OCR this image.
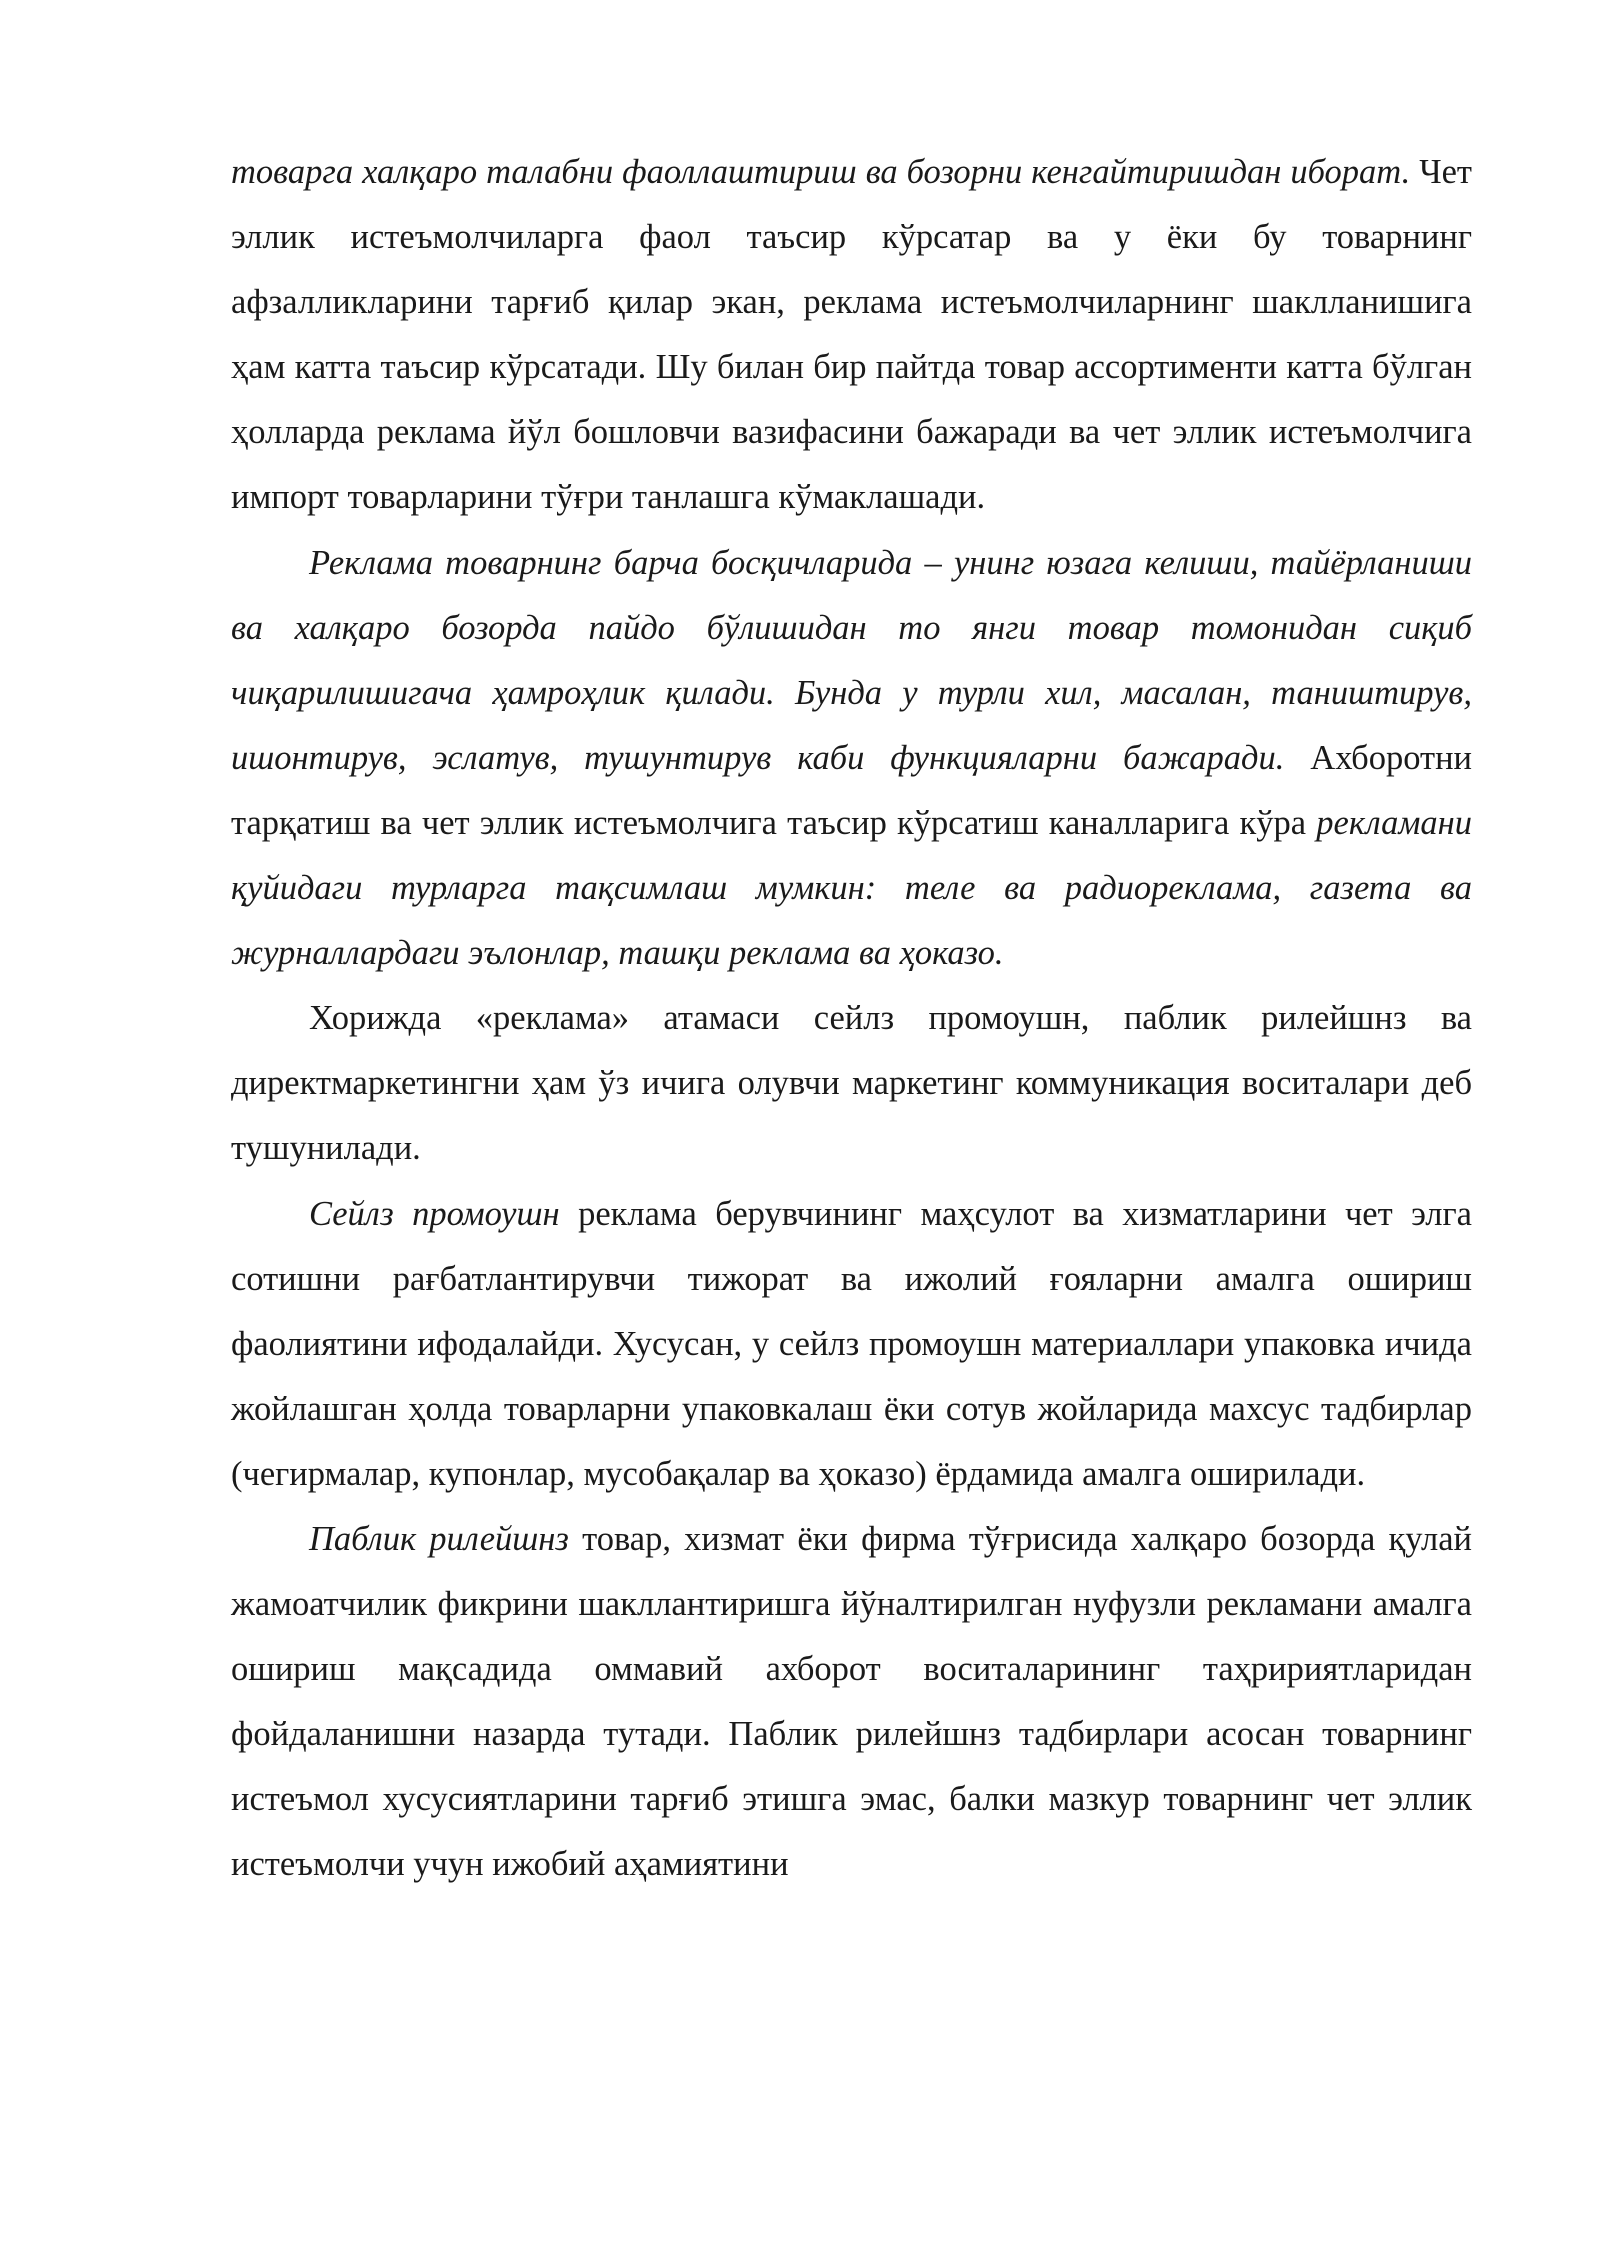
товарга халқаро талабни фаоллаштириш ва бозорни кенгайтиришдан иборат. Чет эллик истеъмолчиларга фаол таъсир кўрсатар ва у ёки бу товарнинг афзалликларини тарғиб қилар экан, реклама истеъмолчиларнинг шаклланишига ҳам катта таъсир кўрсатади. Шу билан бир пайтда товар ассортименти катта бўлган ҳолларда реклама йўл бошловчи вазифасини бажаради ва чет эллик истеъмолчига импорт товарларини тўғри танлашга кўмаклашади.

Реклама товарнинг барча босқичларида – унинг юзага келиши, тайёрланиши ва халқаро бозорда пайдо бўлишидан то янги товар томонидан сиқиб чиқарилишигача ҳамроҳлик қилади. Бунда у турли хил, масалан, таништирув, ишонтирув, эслатув, тушунтирув каби функцияларни бажаради. Ахборотни тарқатиш ва чет эллик истеъмолчига таъсир кўрсатиш каналларига кўра рекламани қуйидаги турларга тақсимлаш мумкин: теле ва радиореклама, газета ва журналлардаги эълонлар, ташқи реклама ва ҳоказо.

Хорижда «реклама» атамаси сейлз промоушн, паблик рилейшнз ва директмаркетингни ҳам ўз ичига олувчи маркетинг коммуникация воситалари деб тушунилади.

Сейлз промоушн реклама берувчининг маҳсулот ва хизматларини чет элга сотишни рағбатлантирувчи тижорат ва ижолий ғояларни амалга ошириш фаолиятини ифодалайди. Хусусан, у сейлз промоушн материаллари упаковка ичида жойлашган ҳолда товарларни упаковкалаш ёки сотув жойларида махсус тадбирлар (чегирмалар, купонлар, мусобақалар ва ҳоказо) ёрдамида амалга оширилади.

Паблик рилейшнз товар, хизмат ёки фирма тўғрисида халқаро бозорда қулай жамоатчилик фикрини шакллантиришга йўналтирилган нуфузли рекламани амалга ошириш мақсадида оммавий ахборот воситаларининг таҳририятларидан фойдаланишни назарда тутади. Паблик рилейшнз тадбирлари асосан товарнинг истеъмол хусусиятларини тарғиб этишга эмас, балки мазкур товарнинг чет эллик истеъмолчи учун ижобий аҳамиятини
